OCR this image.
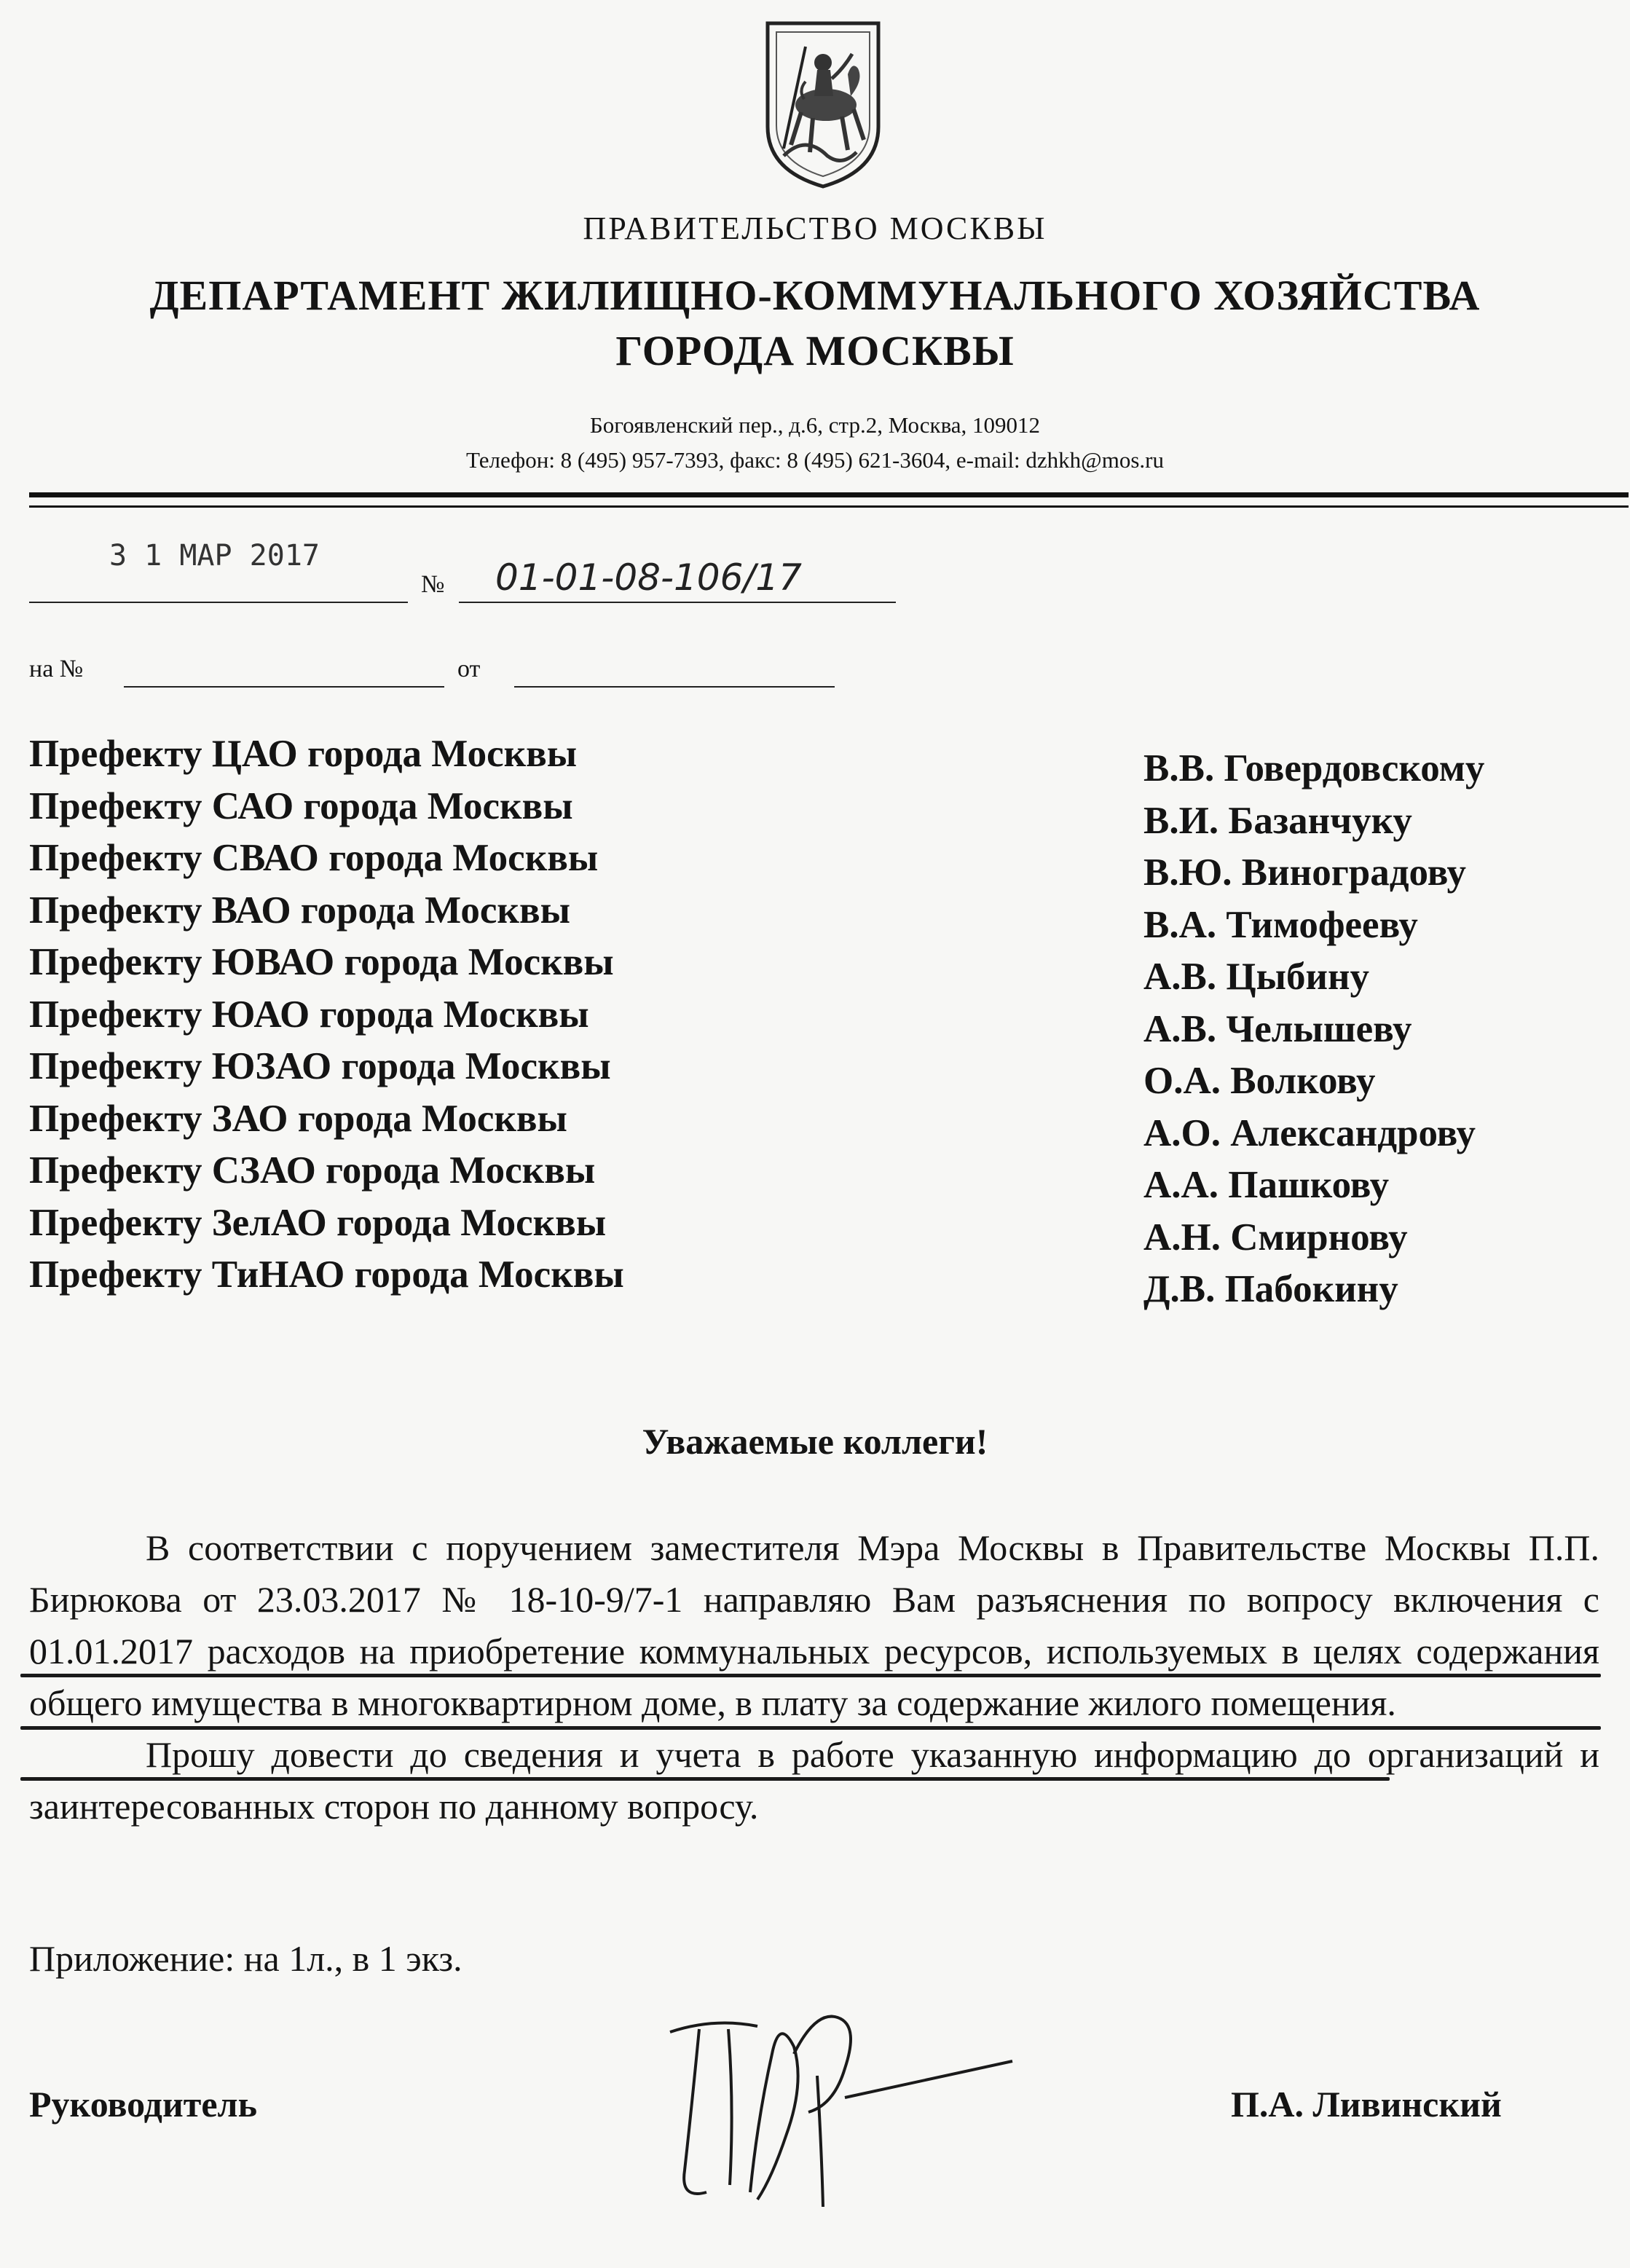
ПРАВИТЕЛЬСТВО МОСКВЫ
ДЕПАРТАМЕНТ ЖИЛИЩНО-КОММУНАЛЬНОГО ХОЗЯЙСТВА
ГОРОДА МОСКВЫ
Богоявленский пер., д.6, стр.2, Москва, 109012
Телефон: 8 (495) 957-7393, факс: 8 (495) 621-3604, e-mail: dzhkh@mos.ru
3 1 МАР 2017
№ 01-01-08-106/17
на №	от
Префекту ЦАО города Москвы
Префекту САО города Москвы
Префекту СВАО города Москвы
Префекту ВАО города Москвы
Префекту ЮВАО города Москвы
Префекту ЮАО города Москвы
Префекту ЮЗАО города Москвы
Префекту ЗАО города Москвы
Префекту СЗАО города Москвы
Префекту ЗелАО города Москвы
Префекту ТиНАО города Москвы
В.В. Говердовскому
В.И. Базанчуку
В.Ю. Виноградову
В.А. Тимофееву
А.В. Цыбину
А.В. Челышеву
О.А. Волкову
А.О. Александрову
А.А. Пашкову
А.Н. Смирнову
Д.В. Пабокину
Уважаемые коллеги!

В соответствии с поручением заместителя Мэра Москвы в Правительстве Москвы П.П. Бирюкова от 23.03.2017 № 18-10-9/7-1 направляю Вам разъяснения по вопросу включения с 01.01.2017 расходов на приобретение коммунальных ресурсов, используемых в целях содержания общего имущества в многоквартирном доме, в плату за содержание жилого помещения.

Прошу довести до сведения и учета в работе указанную информацию до организаций и заинтересованных сторон по данному вопросу.

Приложение: на 1л., в 1 экз.
Руководитель	П.А. Ливинский
